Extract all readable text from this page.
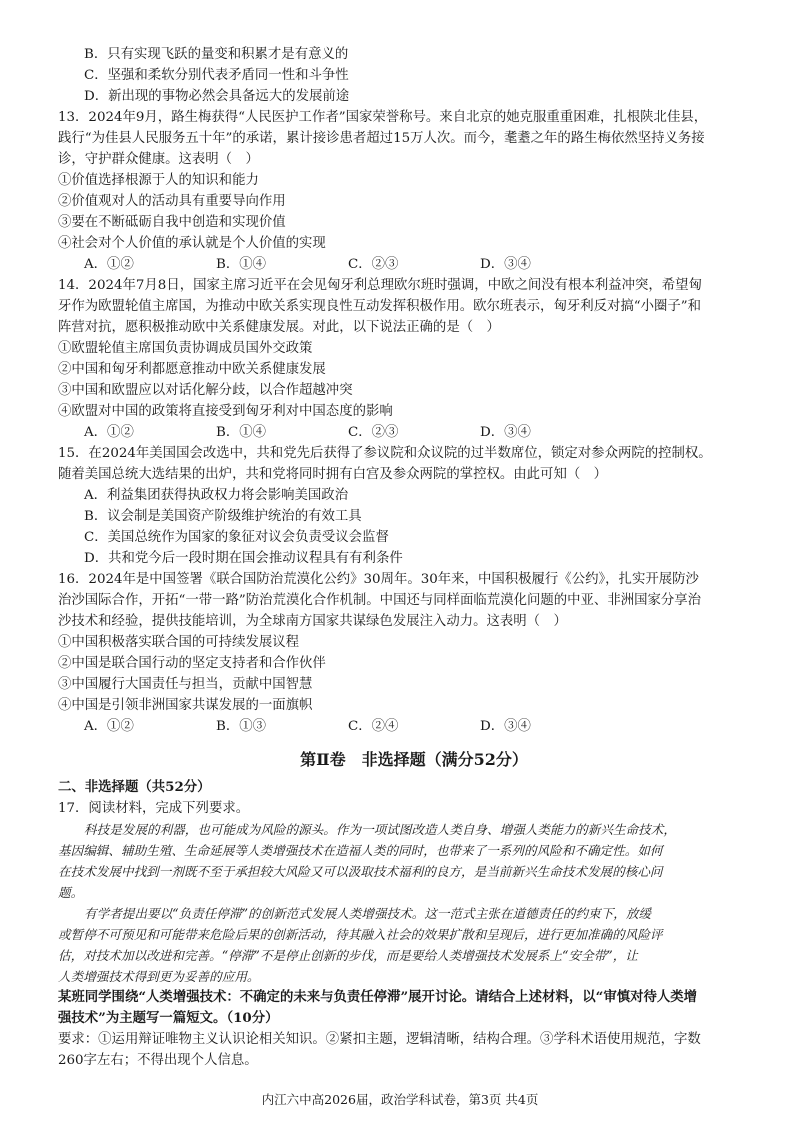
B．只有实现飞跃的量变和积累才是有意义的
C．坚强和柔软分别代表矛盾同一性和斗争性
D．新出现的事物必然会具备远大的发展前途
13．2024年9月，路生梅获得“人民医护工作者”国家荣誉称号。来自北京的她克服重重困难，扎根陕北佳县，
践行“为佳县人民服务五十年”的承诺，累计接诊患者超过15万人次。而今，耄耋之年的路生梅依然坚持义务接
诊，守护群众健康。这表明（　）
①价值选择根源于人的知识和能力
②价值观对人的活动具有重要导向作用
③要在不断砥砺自我中创造和实现价值
④社会对个人价值的承认就是个人价值的实现
A．①②	B．①④	C．②③	D．③④
14．2024年7月8日，国家主席习近平在会见匈牙利总理欧尔班时强调，中欧之间没有根本利益冲突，希望匈
牙作为欧盟轮值主席国，为推动中欧关系实现良性互动发挥积极作用。欧尔班表示，匈牙利反对搞“小圈子”和
阵营对抗，愿积极推动欧中关系健康发展。对此，以下说法正确的是（　）
①欧盟轮值主席国负责协调成员国外交政策
②中国和匈牙利都愿意推动中欧关系健康发展
③中国和欧盟应以对话化解分歧，以合作超越冲突
④欧盟对中国的政策将直接受到匈牙利对中国态度的影响
A．①②	B．①④	C．②③	D．③④
15．在2024年美国国会改选中，共和党先后获得了参议院和众议院的过半数席位，锁定对参众两院的控制权。
随着美国总统大选结果的出炉，共和党将同时拥有白宫及参众两院的掌控权。由此可知（　）
A．利益集团获得执政权力将会影响美国政治
B．议会制是美国资产阶级维护统治的有效工具
C．美国总统作为国家的象征对议会负责受议会监督
D．共和党今后一段时期在国会推动议程具有有利条件
16．2024年是中国签署《联合国防治荒漠化公约》30周年。30年来，中国积极履行《公约》，扎实开展防沙
治沙国际合作，开拓“一带一路”防治荒漠化合作机制。中国还与同样面临荒漠化问题的中亚、非洲国家分享治
沙技术和经验，提供技能培训，为全球南方国家共谋绿色发展注入动力。这表明（　）
①中国积极落实联合国的可持续发展议程
②中国是联合国行动的坚定支持者和合作伙伴
③中国履行大国责任与担当，贡献中国智慧
④中国是引领非洲国家共谋发展的一面旗帜
A．①②	B．①③	C．②④	D．③④
第Ⅱ卷　非选择题（满分52分）
二、非选择题（共52分）
17．阅读材料，完成下列要求。
科技是发展的利器，也可能成为风险的源头。作为一项试图改造人类自身、增强人类能力的新兴生命技术，
基因编辑、辅助生殖、生命延展等人类增强技术在造福人类的同时，也带来了一系列的风险和不确定性。如何
在技术发展中找到一剂既不至于承担较大风险又可以汲取技术福利的良方，是当前新兴生命技术发展的核心问
题。
有学者提出要以“负责任停滞”的创新范式发展人类增强技术。这一范式主张在道德责任的约束下，放缓
或暂停不可预见和可能带来危险后果的创新活动，待其融入社会的效果扩散和呈现后，进行更加准确的风险评
估，对技术加以改进和完善。“停滞”不是停止创新的步伐，而是要给人类增强技术发展系上“安全带”，让
人类增强技术得到更为妥善的应用。
某班同学围绕“人类增强技术：不确定的未来与负责任停滞”展开讨论。请结合上述材料，以“审慎对待人类增
强技术”为主题写一篇短文。（10分）
要求：①运用辩证唯物主义认识论相关知识。②紧扣主题，逻辑清晰，结构合理。③学科术语使用规范，字数
260字左右；不得出现个人信息。
内江六中高2026届，政治学科试卷，第3页 共4页
